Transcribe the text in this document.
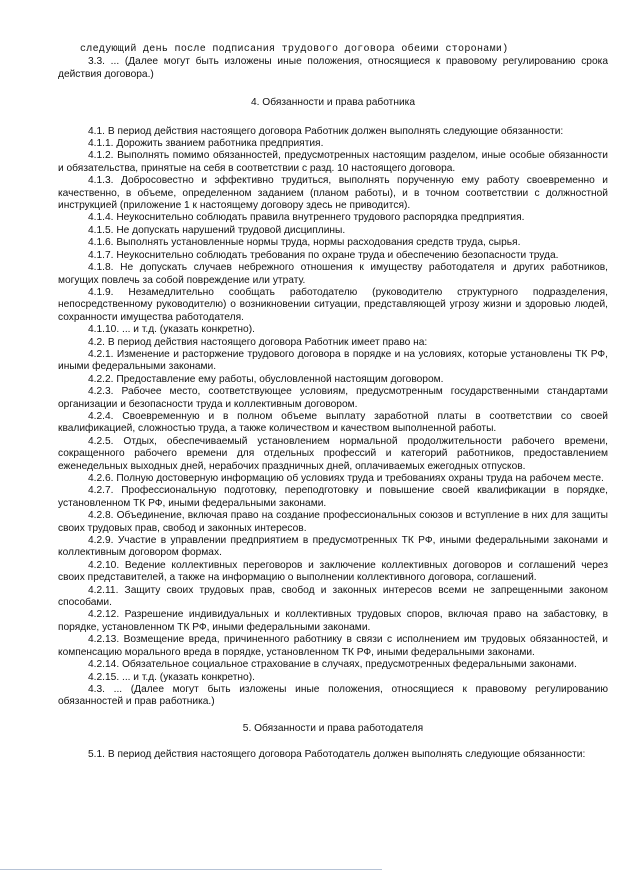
следующий день после подписания трудового договора обеими сторонами)

3.3. ... (Далее могут быть изложены иные положения, относящиеся к правовому регулированию срока действия договора.)

4. Обязанности и права работника

4.1. В период действия настоящего договора Работник должен выполнять следующие обязанности:

4.1.1. Дорожить званием работника предприятия.

4.1.2. Выполнять помимо обязанностей, предусмотренных настоящим разделом, иные особые обязанности и обязательства, принятые на себя в соответствии с разд. 10 настоящего договора.

4.1.3. Добросовестно и эффективно трудиться, выполнять порученную ему работу своевременно и качественно, в объеме, определенном заданием (планом работы), и в точном соответствии с должностной инструкцией (приложение 1 к настоящему договору здесь не приводится).

4.1.4. Неукоснительно соблюдать правила внутреннего трудового распорядка предприятия.

4.1.5. Не допускать нарушений трудовой дисциплины.

4.1.6. Выполнять установленные нормы труда, нормы расходования средств труда, сырья.

4.1.7. Неукоснительно соблюдать требования по охране труда и обеспечению безопасности труда.

4.1.8. Не допускать случаев небрежного отношения к имуществу работодателя и других работников, могущих повлечь за собой повреждение или утрату.

4.1.9. Незамедлительно сообщать работодателю (руководителю структурного подразделения, непосредственному руководителю) о возникновении ситуации, представляющей угрозу жизни и здоровью людей, сохранности имущества работодателя.

4.1.10. ... и т.д. (указать конкретно).

4.2. В период действия настоящего договора Работник имеет право на:

4.2.1. Изменение и расторжение трудового договора в порядке и на условиях, которые установлены ТК РФ, иными федеральными законами.

4.2.2. Предоставление ему работы, обусловленной настоящим договором.

4.2.3. Рабочее место, соответствующее условиям, предусмотренным государственными стандартами организации и безопасности труда и коллективным договором.

4.2.4. Своевременную и в полном объеме выплату заработной платы в соответствии со своей квалификацией, сложностью труда, а также количеством и качеством выполненной работы.

4.2.5. Отдых, обеспечиваемый установлением нормальной продолжительности рабочего времени, сокращенного рабочего времени для отдельных профессий и категорий работников, предоставлением еженедельных выходных дней, нерабочих праздничных дней, оплачиваемых ежегодных отпусков.

4.2.6. Полную достоверную информацию об условиях труда и требованиях охраны труда на рабочем месте.

4.2.7. Профессиональную подготовку, переподготовку и повышение своей квалификации в порядке, установленном ТК РФ, иными федеральными законами.

4.2.8. Объединение, включая право на создание профессиональных союзов и вступление в них для защиты своих трудовых прав, свобод и законных интересов.

4.2.9. Участие в управлении предприятием в предусмотренных ТК РФ, иными федеральными законами и коллективным договором формах.

4.2.10. Ведение коллективных переговоров и заключение коллективных договоров и соглашений через своих представителей, а также на информацию о выполнении коллективного договора, соглашений.

4.2.11. Защиту своих трудовых прав, свобод и законных интересов всеми не запрещенными законом способами.

4.2.12. Разрешение индивидуальных и коллективных трудовых споров, включая право на забастовку, в порядке, установленном ТК РФ, иными федеральными законами.

4.2.13. Возмещение вреда, причиненного работнику в связи с исполнением им трудовых обязанностей, и компенсацию морального вреда в порядке, установленном ТК РФ, иными федеральными законами.

4.2.14. Обязательное социальное страхование в случаях, предусмотренных федеральными законами.

4.2.15. ... и т.д. (указать конкретно).

4.3. ... (Далее могут быть изложены иные положения, относящиеся к правовому регулированию обязанностей и прав работника.)

5. Обязанности и права работодателя

5.1. В период действия настоящего договора Работодатель должен выполнять следующие обязанности:
